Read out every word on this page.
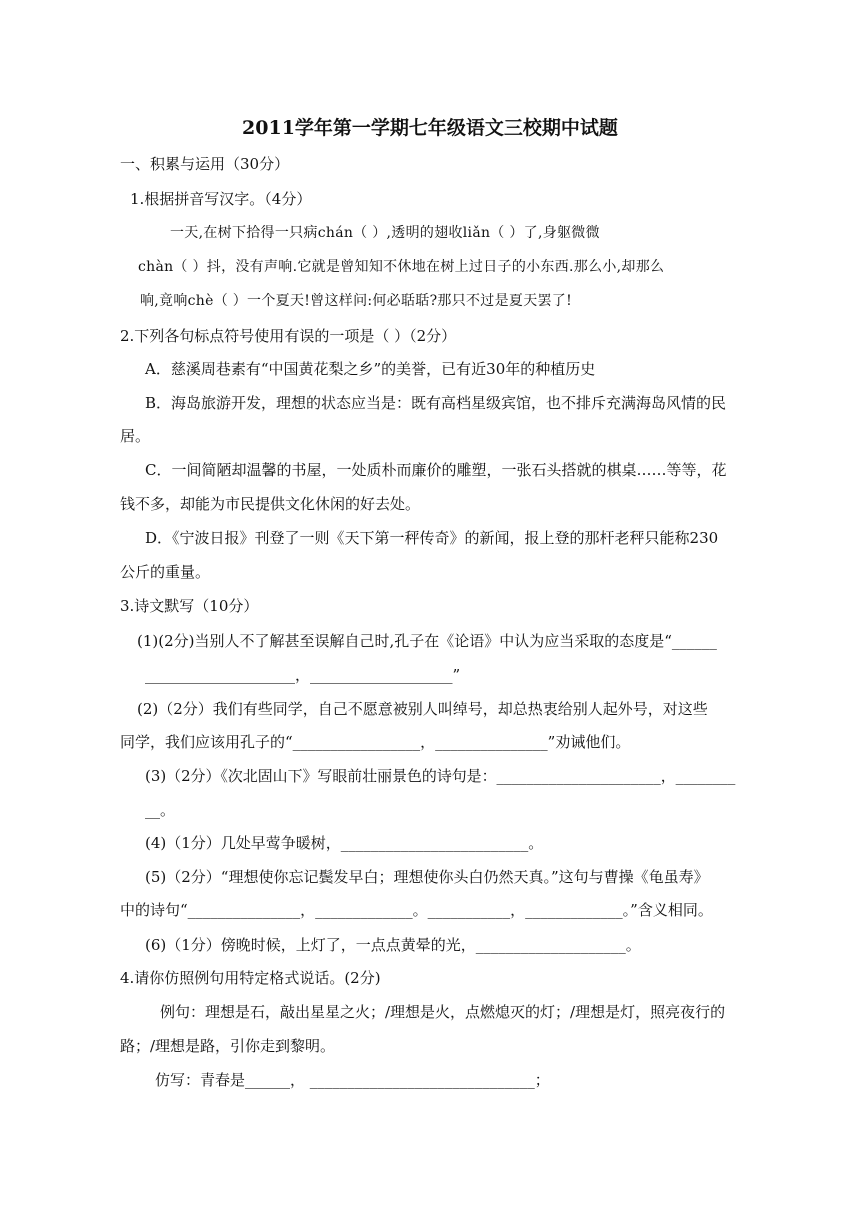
2011学年第一学期七年级语文三校期中试题
一、积累与运用（30分）
1.根据拼音写汉字。（4分）
一天,在树下拾得一只病chán（ ）,透明的翅收liǎn（ ）了,身躯微微
chàn（ ）抖，没有声响.它就是曾知知不休地在树上过日子的小东西.那么小,却那么
响,竟响chè（ ）一个夏天!曾这样问:何必聒聒?那只不过是夏天罢了!
2.下列各句标点符号使用有误的一项是（ ）（2分）
A．慈溪周巷素有“中国黄花梨之乡”的美誉，已有近30年的种植历史
B．海岛旅游开发，理想的状态应当是：既有高档星级宾馆，也不排斥充满海岛风情的民
居。
C．一间简陋却温馨的书屋，一处质朴而廉价的雕塑，一张石头搭就的棋桌……等等，花
钱不多，却能为市民提供文化休闲的好去处。
D．《宁波日报》刊登了一则《天下第一秤传奇》的新闻，报上登的那杆老秤只能称230
公斤的重量。
3.诗文默写（10分）
(1)(2分)当别人不了解甚至误解自己时,孔子在《论语》中认为应当采取的态度是“______
____________________，___________________”
(2)（2分）我们有些同学，自己不愿意被别人叫绰号，却总热衷给别人起外号，对这些
同学，我们应该用孔子的“_________________，_______________”劝诫他们。
(3)（2分）《次北固山下》写眼前壮丽景色的诗句是：______________________，________
__。
(4)（1分）几处早莺争暖树，_________________________。
(5)（2分）“理想使你忘记鬓发早白；理想使你头白仍然天真。”这句与曹操《龟虽寿》
中的诗句“_______________，_____________。___________，_____________。”含义相同。
(6)（1分）傍晚时候，上灯了，一点点黄晕的光，____________________。
4.请你仿照例句用特定格式说话。(2分)
例句：理想是石，敲出星星之火；/理想是火，点燃熄灭的灯；/理想是灯，照亮夜行的
路；/理想是路，引你走到黎明。
仿写：青春是______， ______________________________；
